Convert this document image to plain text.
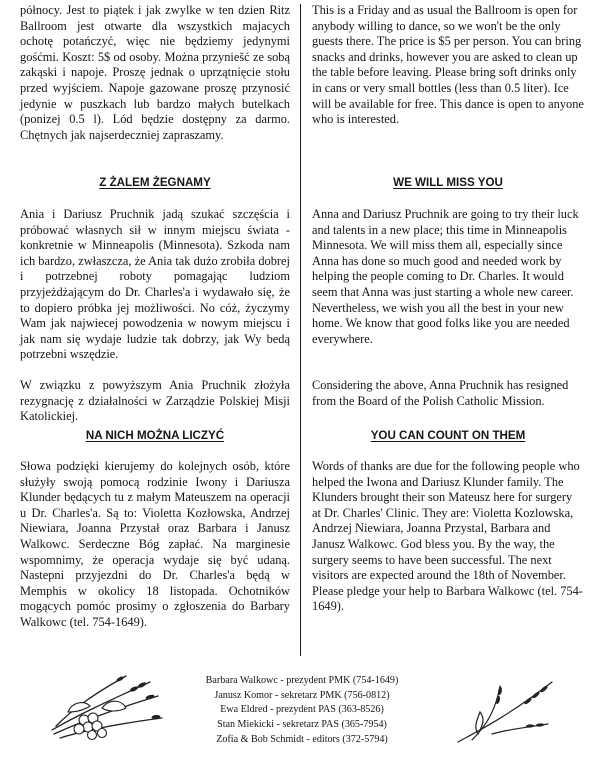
północy. Jest to piątek i jak zwylke w ten dzien Ritz Ballroom jest otwarte dla wszystkich majacych ochotę potańczyć, więc nie będziemy jedynymi gośćmi. Koszt: 5$ od osoby. Można przyniešć ze sobą zakąski i napoje. Proszę jednak o uprzątnięcie stołu przed wyjściem. Napoje gazowane proszę przynosić jedynie w puszkach lub bardzo małych butelkach (ponizej 0.5 l). Lód będzie dostępny za darmo. Chętnych jak najserdeczniej zapraszamy.

Z ŻALEM ŻEGNAMY

Ania i Dariusz Pruchnik jadą szukać szczęścia i próbować własnych sił w innym miejscu świata - konkretnie w Minneapolis (Minnesota). Szkoda nam ich bardzo, zwłaszcza, że Ania tak dużo zrobiła dobrej i potrzebnej roboty pomagając ludziom przyjeżdżającym do Dr. Charles'a i wydawało się, że to dopiero próbka jej możliwości. No cóż, życzymy Wam jak najwiecej powodzenia w nowym miejscu i jak nam się wydaje ludzie tak dobrzy, jak Wy bedą potrzebni wszędzie.

W związku z powyższym Ania Pruchnik złożyła rezygnację z działalności w Zarządzie Polskiej Misji Katolickiej.

NA NICH MOŻNA LICZYĆ

Słowa podzięki kierujemy do kolejnych osób, które służyły swoją pomocą rodzinie Iwony i Dariusza Klunder będących tu z małym Mateuszem na operacji u Dr. Charles'a. Są to: Violetta Kozłowska, Andrzej Niewiara, Joanna Przystał oraz Barbara i Janusz Walkowc. Serdeczne Bóg zapłać. Na marginesie wspomnimy, że operacja wydaje się być udaną. Nastepni przyjezdni do Dr. Charles'a będą w Memphis w okolicy 18 listopada. Ochotników mogących pomóc prosimy o zgłoszenia do Barbary Walkowc (tel. 754-1649).

This is a Friday and as usual the Ballroom is open for anybody willing to dance, so we won't be the only guests there. The price is $5 per person. You can bring snacks and drinks, however you are asked to clean up the table before leaving. Please bring soft drinks only in cans or very small bottles (less than 0.5 liter). Ice will be available for free. This dance is open to anyone who is interested.

WE WILL MISS YOU

Anna and Dariusz Pruchnik are going to try their luck and talents in a new place; this time in Minneapolis Minnesota. We will miss them all, especially since Anna has done so much good and needed work by helping the people coming to Dr. Charles. It would seem that Anna was just starting a whole new career. Nevertheless, we wish you all the best in your new home. We know that good folks like you are needed everywhere.

Considering the above, Anna Pruchnik has resigned from the Board of the Polish Catholic Mission.

YOU CAN COUNT ON THEM

Words of thanks are due for the following people who helped the Iwona and Dariusz Klunder family. The Klunders brought their son Mateusz here for surgery at Dr. Charles' Clinic. They are: Violetta Kozlowska, Andrzej Niewiara, Joanna Przystal, Barbara and Janusz Walkowc. God bless you. By the way, the surgery seems to have been successful. The next visitors are expected around the 18th of November. Please pledge your help to Barbara Walkowc (tel. 754-1649).

Barbara Walkowc - prezydent PMK (754-1649)
Janusz Komor - sekretarz PMK (756-0812)
Ewa Eldred - prezydent PAS (363-8526)
Stan Miekicki - sekretarz PAS (365-7954)
Zofia & Bob Schmidt - editors (372-5794)
